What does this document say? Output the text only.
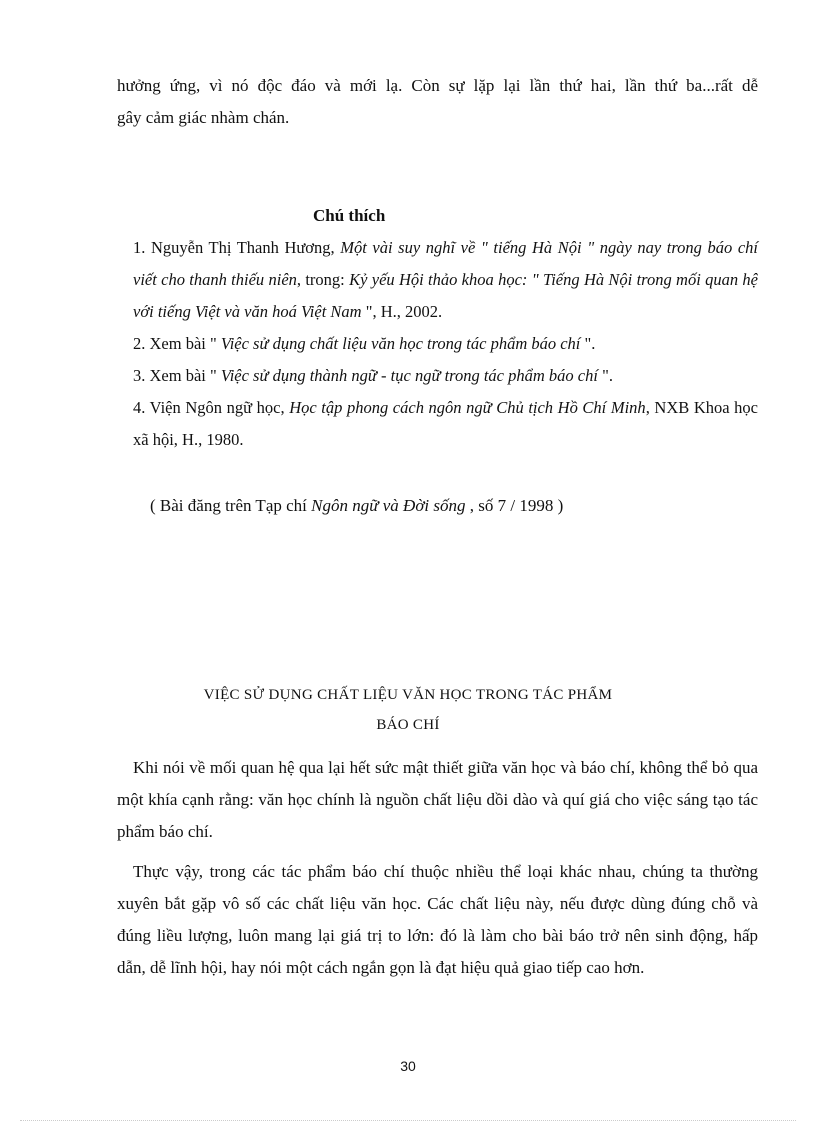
hưởng ứng, vì nó độc đáo và mới lạ. Còn sự lặp lại lần thứ hai, lần thứ ba...rất dễ
gây cảm giác nhàm chán.
Chú thích

1. Nguyễn Thị Thanh Hương, Một vài suy nghĩ về " tiếng Hà Nội " ngày nay trong báo chí viết cho thanh thiếu niên, trong: Kỷ yếu Hội thảo khoa học: " Tiếng Hà Nội trong mối quan hệ với tiếng Việt và văn hoá Việt Nam ", H., 2002.

2. Xem bài " Việc sử dụng chất liệu văn học trong tác phẩm báo chí ".

3. Xem bài " Việc sử dụng thành ngữ - tục ngữ trong tác phẩm báo chí ".

4. Viện Ngôn ngữ học, Học tập phong cách ngôn ngữ Chủ tịch Hồ Chí Minh, NXB Khoa học xã hội, H., 1980.

( Bài đăng trên Tạp chí Ngôn ngữ và Đời sống , số 7 / 1998 )
VIỆC SỬ DỤNG CHẤT LIỆU VĂN HỌC TRONG TÁC PHẨM
BÁO CHÍ

Khi nói về mối quan hệ qua lại hết sức mật thiết giữa văn học và báo chí, không thể bỏ qua một khía cạnh rằng: văn học chính là nguồn chất liệu dồi dào và quí giá cho việc sáng tạo tác phẩm báo chí.

Thực vậy, trong các tác phẩm báo chí thuộc nhiều thể loại khác nhau, chúng ta thường xuyên bắt gặp vô số các chất liệu văn học. Các chất liệu này, nếu được dùng đúng chỗ và đúng liều lượng, luôn mang lại giá trị to lớn: đó là làm cho bài báo trở nên sinh động, hấp dẫn, dễ lĩnh hội, hay nói một cách ngắn gọn là đạt hiệu quả giao tiếp cao hơn.

30
